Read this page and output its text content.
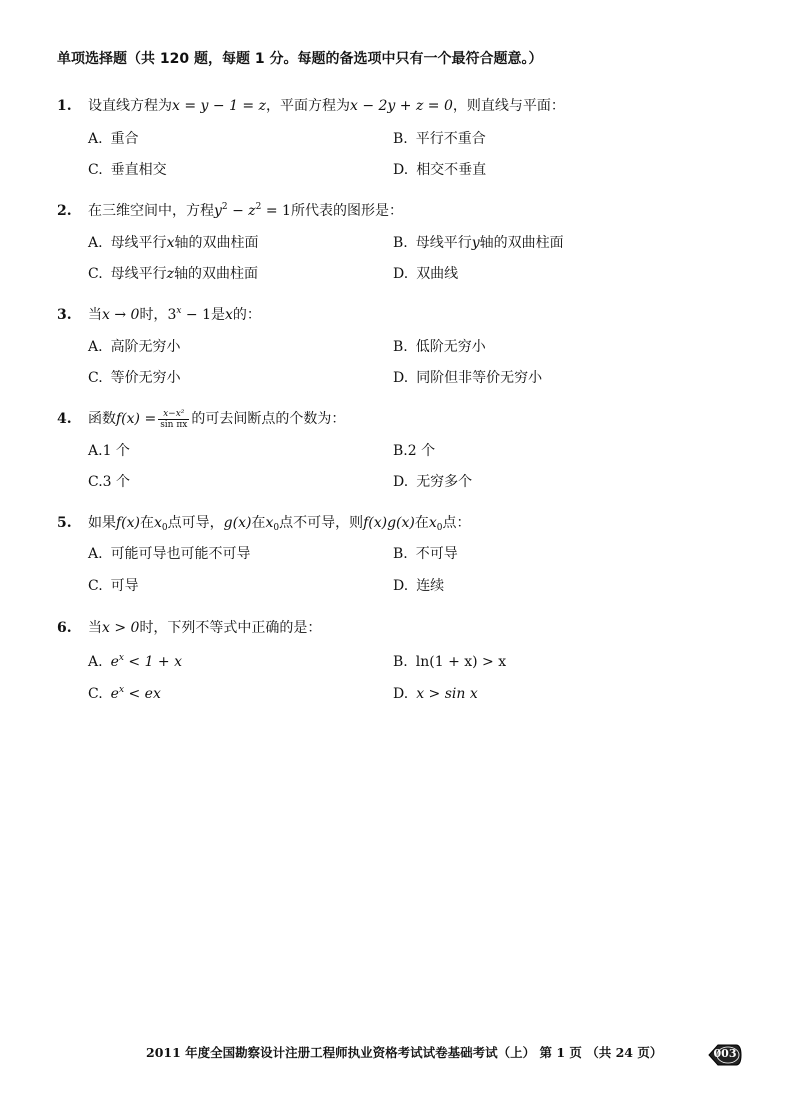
单项选择题（共 120 题，每题 1 分。每题的备选项中只有一个最符合题意。）
1. 设直线方程为x = y − 1 = z，平面方程为x − 2y + z = 0，则直线与平面：
A. 重合	B. 平行不重合
C. 垂直相交	D. 相交不垂直
2. 在三维空间中，方程$y^2 - z^2 = 1$所代表的图形是：
A. 母线平行x轴的双曲柱面	B. 母线平行y轴的双曲柱面
C. 母线平行z轴的双曲柱面	D. 双曲线
3. 当x → 0时，$3^x - 1$是x的：
A. 高阶无穷小	B. 低阶无穷小
C. 等价无穷小	D. 同阶但非等价无穷小
4. 函数$f(x) = \frac{\text{x−x²}}{\text{sin πx}}$ 的可去间断点的个数为：
A.1 个	B.2 个
C.3 个	D. 无穷多个
5. 如果f(x)在$x_0$点可导，g(x)在$x_0$点不可导，则f(x)g(x)在$x_0$点：
A. 可能可导也可能不可导	B. 不可导
C. 可导	D. 连续
6. 当x > 0时，下列不等式中正确的是：
A. $e^x < 1 + x$	B. ln(1 + x) > x
C. $e^x$ < ex	D. x > sin x
2011 年度全国勘察设计注册工程师执业资格考试试卷基础考试（上） 第 1 页 （共 24 页）	003
